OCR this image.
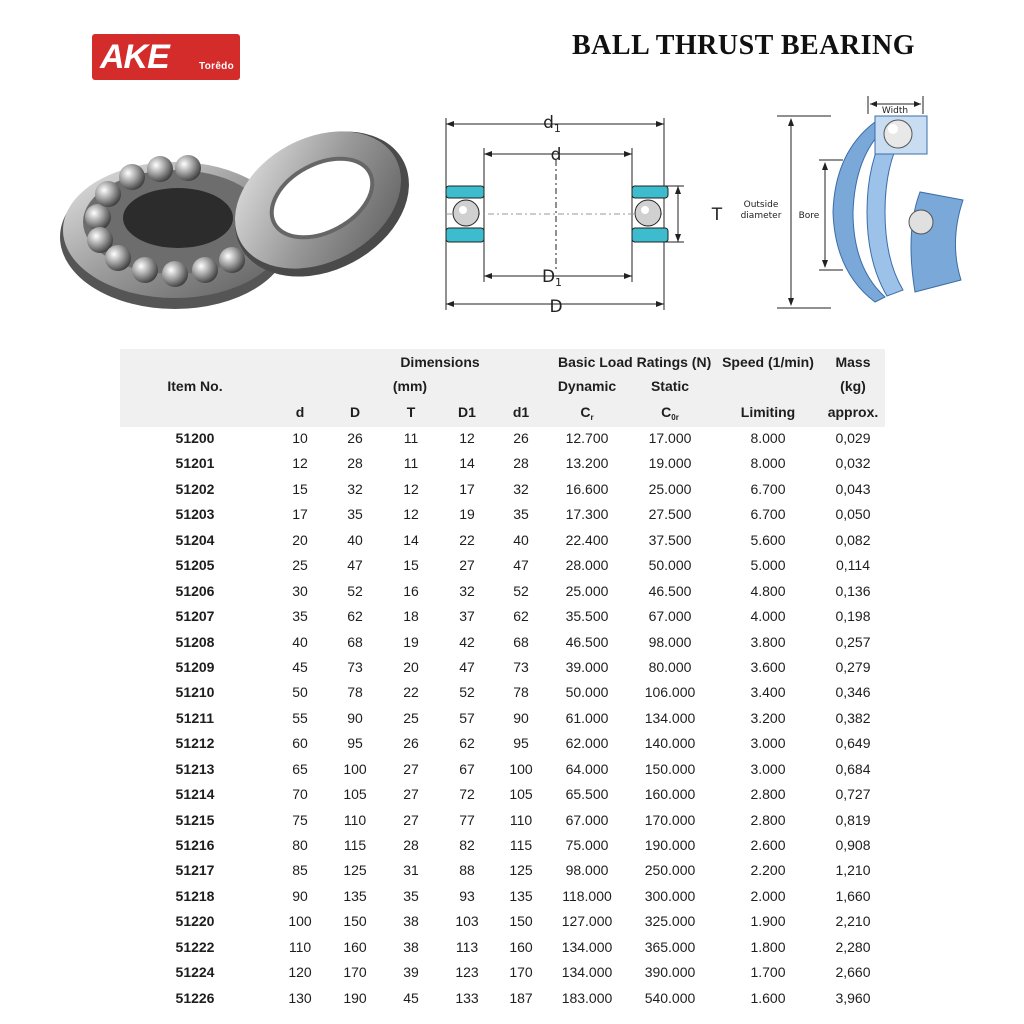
AKE	Torêdo
BALL THRUST BEARING
$d_1$
d
$D_1$
D
T
Width
Outside
diameter Bore
Item No.
Dimensions
(mm)
Basic Load Ratings (N) Speed (1/min)	Mass
(kg)
Dynamic	Static
d	D	T	D1	d1	$C_r$	$C_{0r}$	Limiting	approx.
51200	10	26	11	12	26	12.700	17.000	8.000	0,029
51201	12	28	11	14	28	13.200	19.000	8.000	0,032
51202	15	32	12	17	32	16.600	25.000	6.700	0,043
51203	17	35	12	19	35	17.300	27.500	6.700	0,050
51204	20	40	14	22	40	22.400	37.500	5.600	0,082
51205	25	47	15	27	47	28.000	50.000	5.000	0,114
51206	30	52	16	32	52	25.000	46.500	4.800	0,136
51207	35	62	18	37	62	35.500	67.000	4.000	0,198
51208	40	68	19	42	68	46.500	98.000	3.800	0,257
51209	45	73	20	47	73	39.000	80.000	3.600	0,279
51210	50	78	22	52	78	50.000	106.000	3.400	0,346
51211	55	90	25	57	90	61.000	134.000	3.200	0,382
51212	60	95	26	62	95	62.000	140.000	3.000	0,649
51213	65	100	27	67	100	64.000	150.000	3.000	0,684
51214	70	105	27	72	105	65.500	160.000	2.800	0,727
51215	75	110	27	77	110	67.000	170.000	2.800	0,819
51216	80	115	28	82	115	75.000	190.000	2.600	0,908
51217	85	125	31	88	125	98.000	250.000	2.200	1,210
51218	90	135	35	93	135	118.000	300.000	2.000	1,660
51220	100	150	38	103	150	127.000	325.000	1.900	2,210
51222	110	160	38	113	160	134.000	365.000	1.800	2,280
51224	120	170	39	123	170	134.000	390.000	1.700	2,660
51226	130	190	45	133	187	183.000	540.000	1.600	3,960
